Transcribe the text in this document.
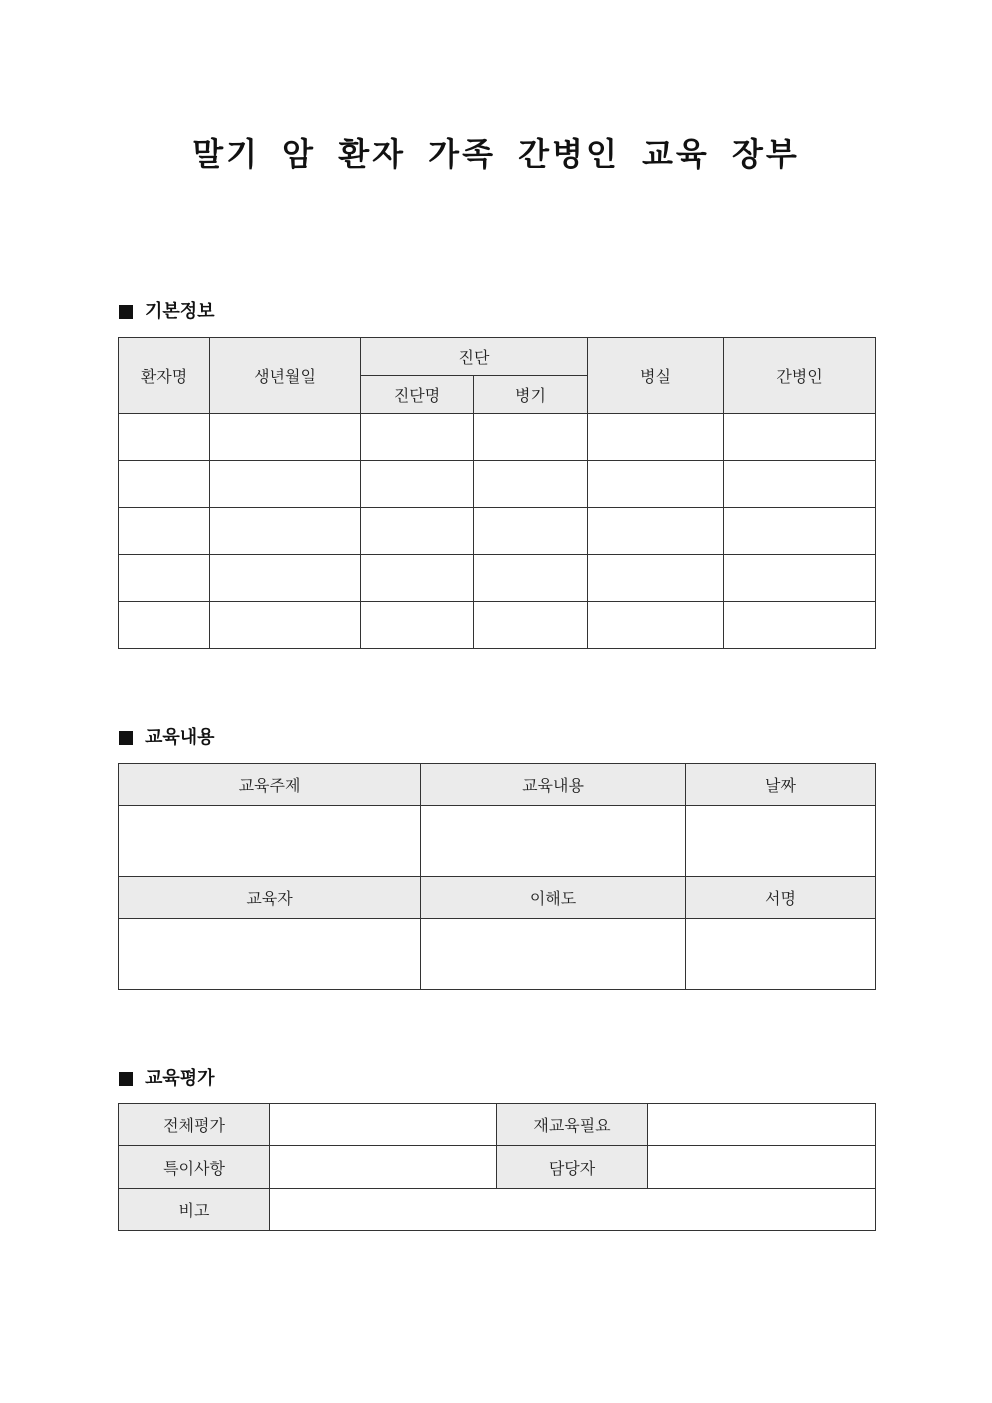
말기 암 환자 가족 간병인 교육 장부
기본정보
환자명	생년월일	진단		병실	간병인
		진단명	병기		

교육내용
교육주제	교육내용	날짜

교육자	이해도	서명

교육평가
전체평가		재교육필요	
특이사항		담당자	
비고			
